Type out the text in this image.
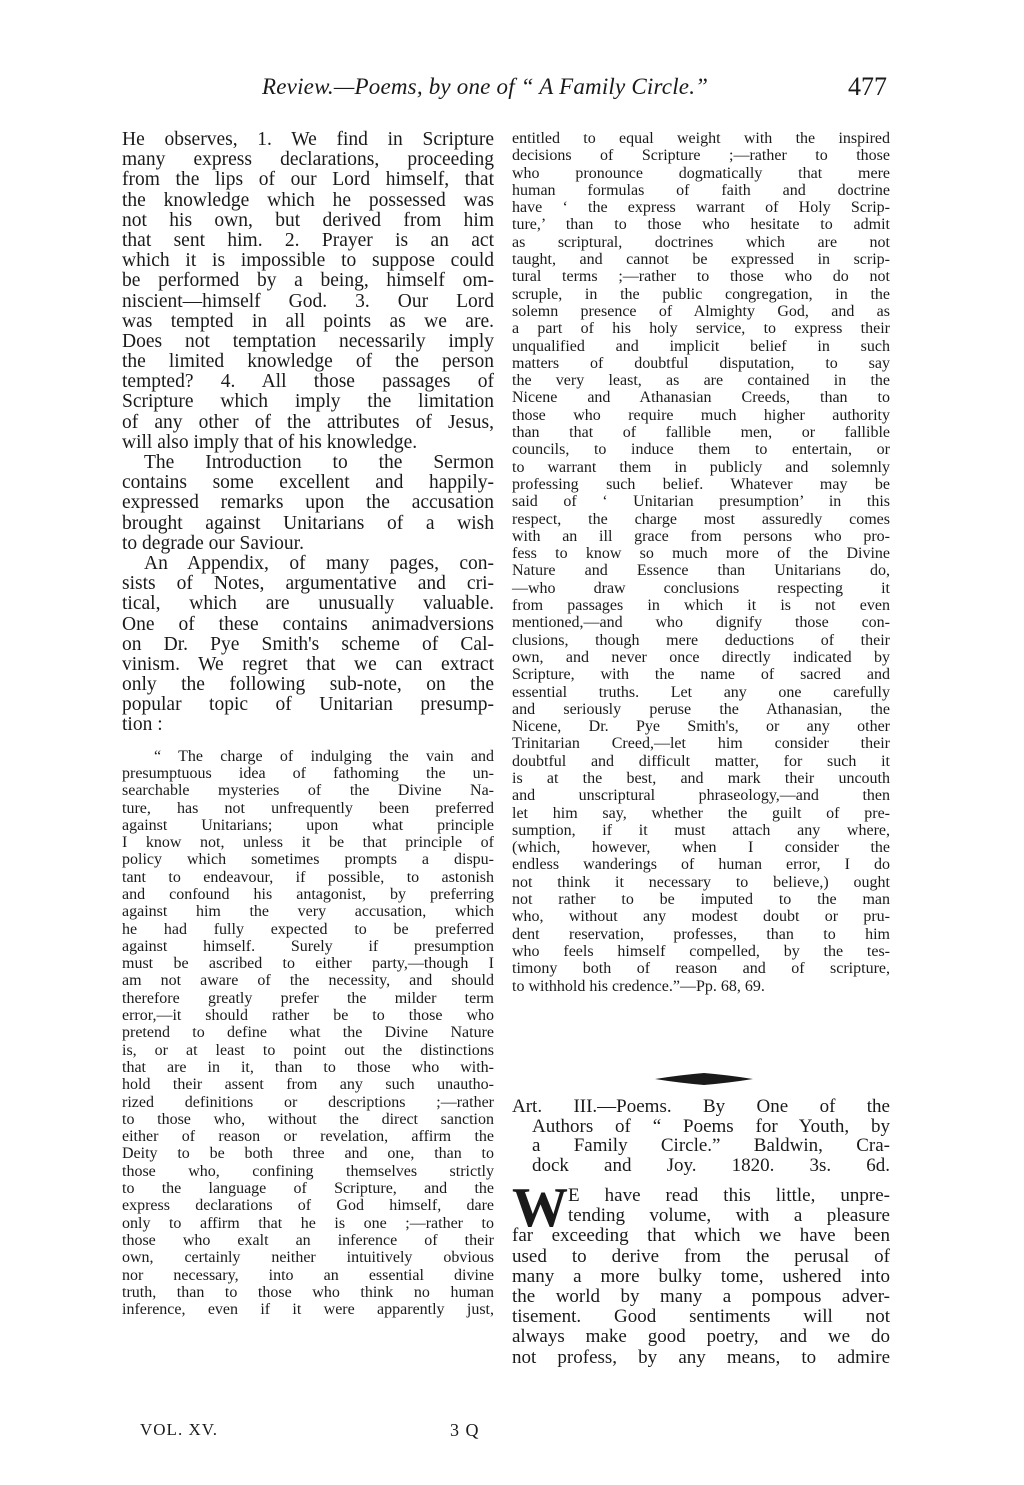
Review.—Poems, by one of “ A Family Circle.”	477
He observes, 1. We find in Scripture
many express declarations, proceeding
from the lips of our Lord himself, that
the knowledge which he possessed was
not his own, but derived from him
that sent him. 2. Prayer is an act
which it is impossible to suppose could
be performed by a being, himself om-
niscient—himself God. 3. Our Lord
was tempted in all points as we are.
Does not temptation necessarily imply
the limited knowledge of the person
tempted? 4. All those passages of
Scripture which imply the limitation
of any other of the attributes of Jesus,
will also imply that of his knowledge.
The Introduction to the Sermon
contains some excellent and happily-
expressed remarks upon the accusation
brought against Unitarians of a wish
to degrade our Saviour.
An Appendix, of many pages, con-
sists of Notes, argumentative and cri-
tical, which are unusually valuable.
One of these contains animadversions
on Dr. Pye Smith's scheme of Cal-
vinism. We regret that we can extract
only the following sub-note, on the
popular topic of Unitarian presump-
tion :
“ The charge of indulging the vain and
presumptuous idea of fathoming the un-
searchable mysteries of the Divine Na-
ture, has not unfrequently been preferred
against Unitarians; upon what principle
I know not, unless it be that principle of
policy which sometimes prompts a dispu-
tant to endeavour, if possible, to astonish
and confound his antagonist, by preferring
against him the very accusation, which
he had fully expected to be preferred
against himself. Surely if presumption
must be ascribed to either party,—though I
am not aware of the necessity, and should
therefore greatly prefer the milder term
error,—it should rather be to those who
pretend to define what the Divine Nature
is, or at least to point out the distinctions
that are in it, than to those who with-
hold their assent from any such unautho-
rized definitions or descriptions ;—rather
to those who, without the direct sanction
either of reason or revelation, affirm the
Deity to be both three and one, than to
those who, confining themselves strictly
to the language of Scripture, and the
express declarations of God himself, dare
only to affirm that he is one ;—rather to
those who exalt an inference of their
own, certainly neither intuitively obvious
nor necessary, into an essential divine
truth, than to those who think no human
inference, even if it were apparently just,
entitled to equal weight with the inspired
decisions of Scripture ;—rather to those
who pronounce dogmatically that mere
human formulas of faith and doctrine
have ‘ the express warrant of Holy Scrip-
ture,’ than to those who hesitate to admit
as scriptural, doctrines which are not
taught, and cannot be expressed in scrip-
tural terms ;—rather to those who do not
scruple, in the public congregation, in the
solemn presence of Almighty God, and as
a part of his holy service, to express their
unqualified and implicit belief in such
matters of doubtful disputation, to say
the very least, as are contained in the
Nicene and Athanasian Creeds, than to
those who require much higher authority
than that of fallible men, or fallible
councils, to induce them to entertain, or
to warrant them in publicly and solemnly
professing such belief. Whatever may be
said of ‘ Unitarian presumption’ in this
respect, the charge most assuredly comes
with an ill grace from persons who pro-
fess to know so much more of the Divine
Nature and Essence than Unitarians do,
—who draw conclusions respecting it
from passages in which it is not even
mentioned,—and who dignify those con-
clusions, though mere deductions of their
own, and never once directly indicated by
Scripture, with the name of sacred and
essential truths. Let any one carefully
and seriously peruse the Athanasian, the
Nicene, Dr. Pye Smith's, or any other
Trinitarian Creed,—let him consider their
doubtful and difficult matter, for such it
is at the best, and mark their uncouth
and unscriptural phraseology,—and then
let him say, whether the guilt of pre-
sumption, if it must attach any where,
(which, however, when I consider the
endless wanderings of human error, I do
not think it necessary to believe,) ought
not rather to be imputed to the man
who, without any modest doubt or pru-
dent reservation, professes, than to him
who feels himself compelled, by the tes-
timony both of reason and of scripture,
to withhold his credence.”—Pp. 68, 69.
Art. III.—Poems. By One of the
Authors of “ Poems for Youth, by
a Family Circle.” Baldwin, Cra-
dock and Joy. 1820. 3s. 6d.
W E have read this little, unpre-
tending volume, with a pleasure
far exceeding that which we have been
used to derive from the perusal of
many a more bulky tome, ushered into
the world by many a pompous adver-
tisement. Good sentiments will not
always make good poetry, and we do
not profess, by any means, to admire
VOL. XV.	3 Q
